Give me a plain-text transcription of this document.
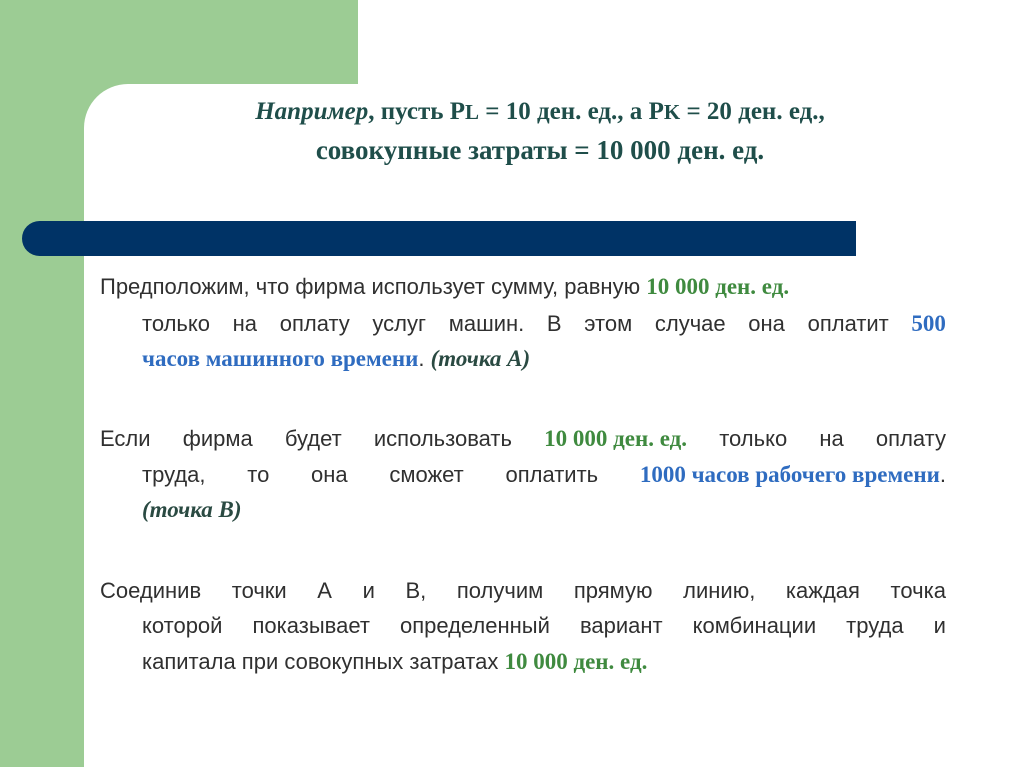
Например, пусть PL = 10 ден. ед., а PK = 20 ден. ед.,
совокупные затраты = 10 000 ден. ед.
Предположим, что фирма использует сумму, равную 10 000 ден. ед.
только на оплату услуг машин. В этом случае она оплатит 500
часов машинного времени. (точка А)
Если фирма будет использовать 10 000 ден. ед. только на оплату
труда, то она сможет оплатить 1000 часов рабочего времени.
(точка В)
Соединив точки А и В, получим прямую линию, каждая точка
которой показывает определенный вариант комбинации труда и
капитала при совокупных затратах 10 000 ден. ед.
